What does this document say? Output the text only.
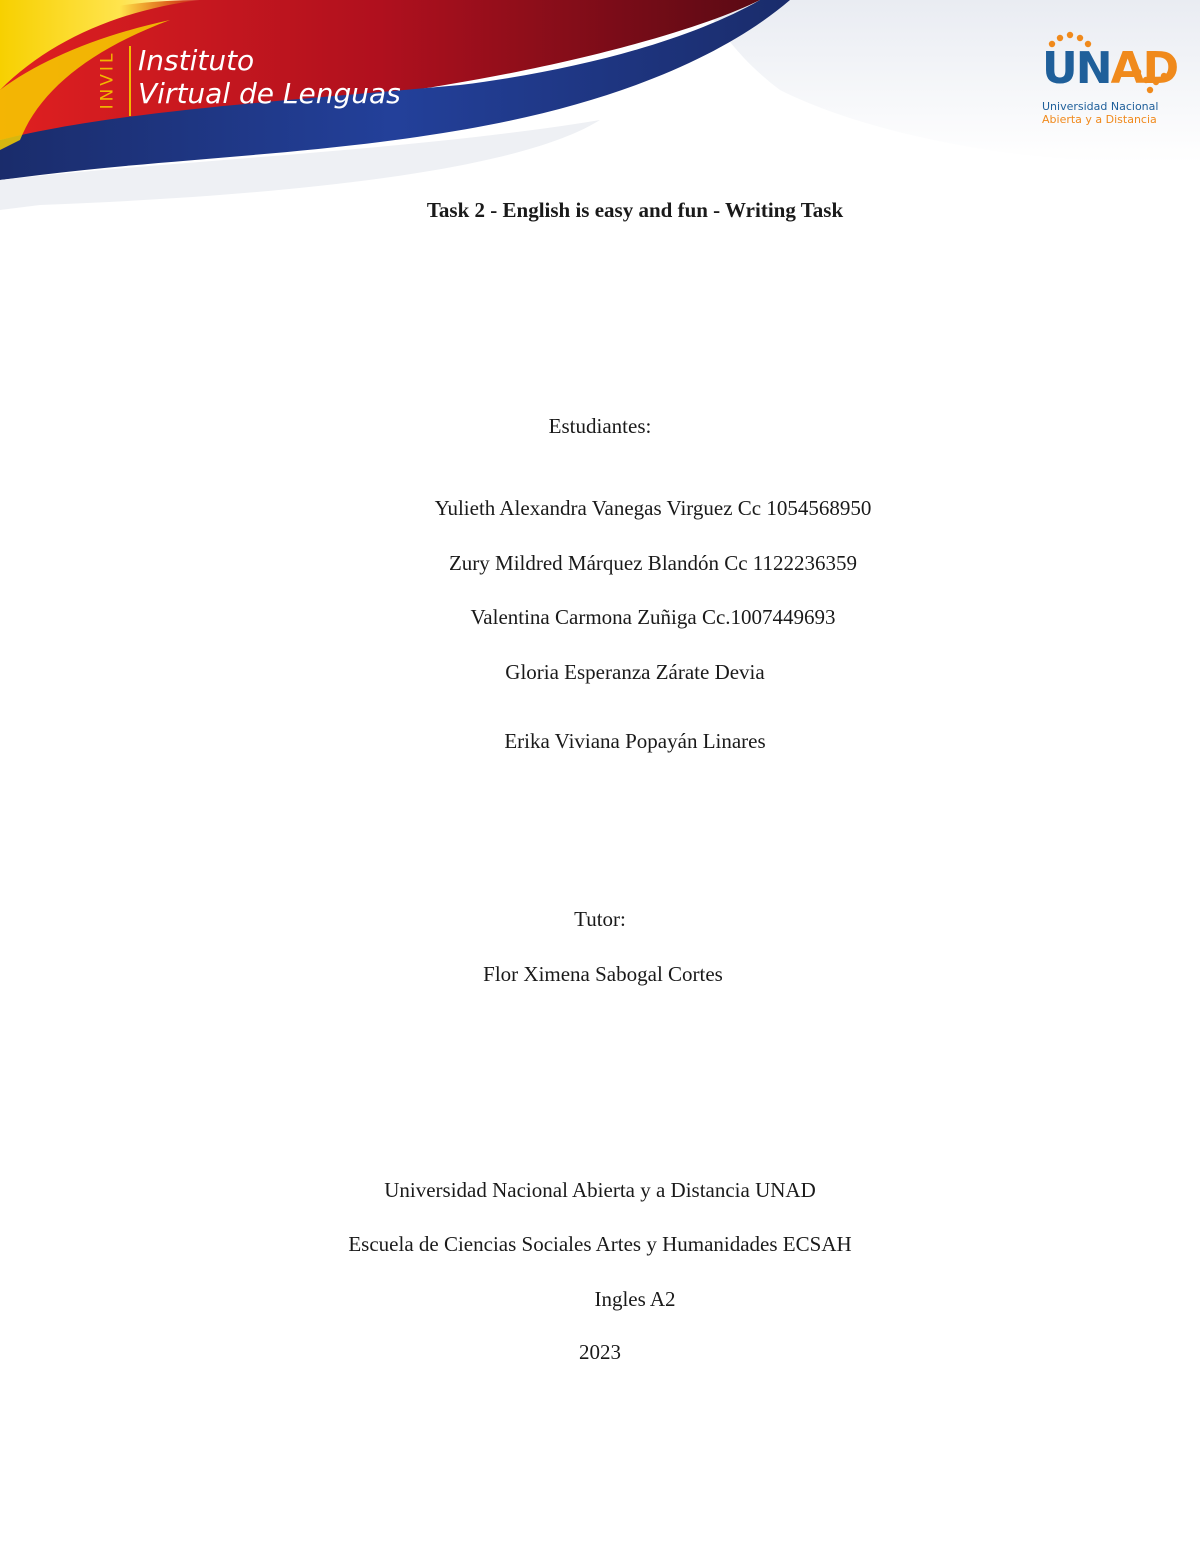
INVIL Instituto
Virtual de Lenguas	UNAD
Universidad Nacional
Abierta y a Distancia
Task 2 - English is easy and fun - Writing Task
Estudiantes:
Yulieth Alexandra Vanegas Virguez Cc 1054568950
Zury Mildred Márquez Blandón Cc 1122236359
Valentina Carmona Zuñiga Cc.1007449693
Gloria Esperanza Zárate Devia
Erika Viviana Popayán Linares
Tutor:
Flor Ximena Sabogal Cortes
Universidad Nacional Abierta y a Distancia UNAD
Escuela de Ciencias Sociales Artes y Humanidades ECSAH
Ingles A2
2023
